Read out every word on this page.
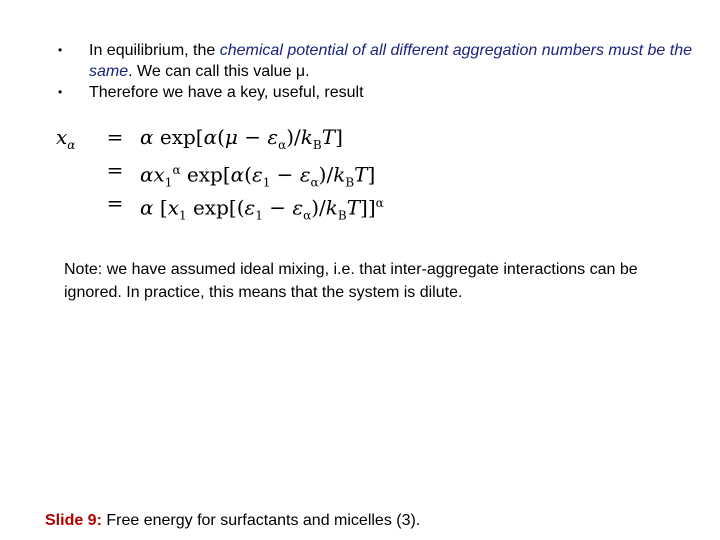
• In equilibrium, the chemical potential of all different aggregation numbers must be the same. We can call this value μ.
• Therefore we have a key, useful, result
$x_\alpha$	= α $\exp[\alpha(\mu - \varepsilon_\alpha)/k_BT]$
= $\alpha x_1^\alpha$ $\exp[\alpha(\varepsilon_1 - \varepsilon_\alpha)/k_BT]$
= α [$x_1$ $\exp[(\varepsilon_1 - \varepsilon_\alpha)/k_BT]]^\alpha$
Note: we have assumed ideal mixing, i.e. that inter-aggregate interactions can be ignored. In practice, this means that the system is dilute.
Slide 9: Free energy for surfactants and micelles (3).
